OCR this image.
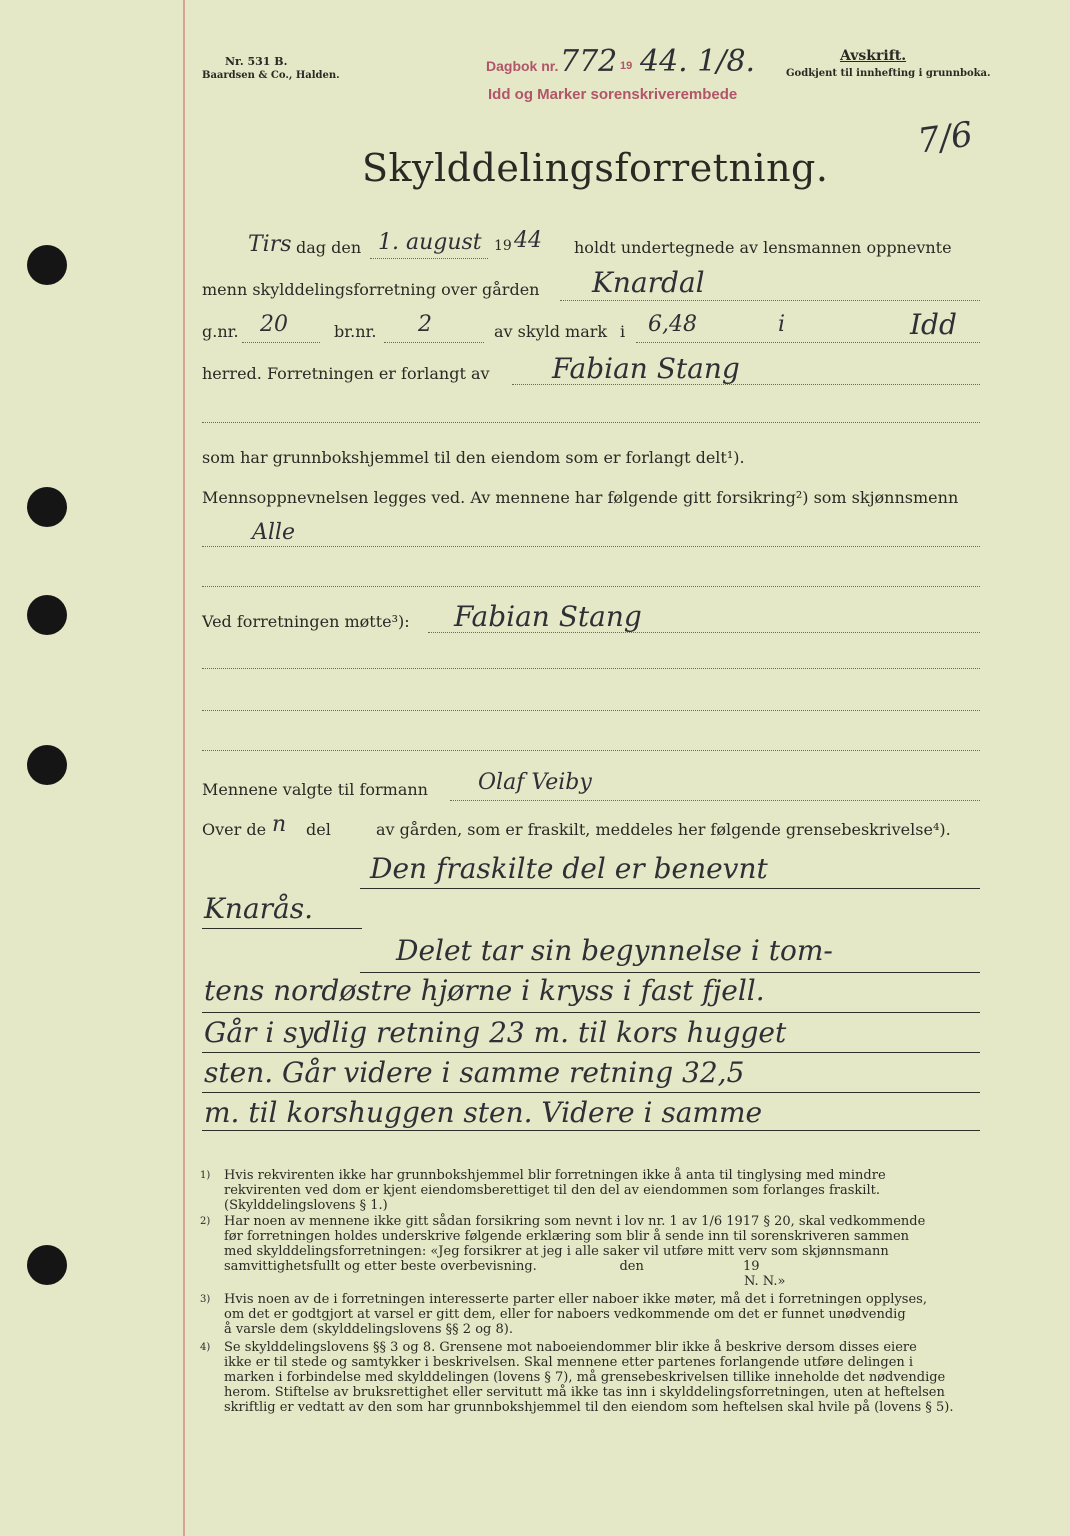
Nr. 531 B.
Baardsen & Co., Halden.
Dagbok nr. 772 19 44. 1/8.
Idd og Marker sorenskriverembede
Avskrift.
Godkjent til innhefting i grunnboka.
7/6
Skylddelingsforretning.
Tirs dag den 1. august 19 44 holdt undertegnede av lensmannen oppnevnte
menn skylddelingsforretning over gården Knardal
g.nr. 20	br.nr. 2	av skyld mark i 6,48	i	Idd
herred. Forretningen er forlangt av Fabian Stang
som har grunnbokshjemmel til den eiendom som er forlangt delt¹).
Mennsoppnevnelsen legges ved. Av mennene har følgende gitt forsikring²) som skjønnsmenn
Alle
Ved forretningen møtte³): Fabian Stang
Mennene valgte til formann Olaf Veiby
Over de n del	av gården, som er fraskilt, meddeles her følgende grensebeskrivelse⁴).
Den fraskilte del er benevnt
Knarås.
Delet tar sin begynnelse i tom-
tens nordøstre hjørne i kryss i fast fjell.
Går i sydlig retning 23 m. til kors hugget
sten. Går videre i samme retning 32,5
m. til korshuggen sten. Videre i samme
1) Hvis rekvirenten ikke har grunnbokshjemmel blir forretningen ikke å anta til tinglysing med mindre
rekvirenten ved dom er kjent eiendomsberettiget til den del av eiendommen som forlanges fraskilt.
(Skylddelingslovens § 1.)
2) Har noen av mennene ikke gitt sådan forsikring som nevnt i lov nr. 1 av 1/6 1917 § 20, skal vedkommende
før forretningen holdes underskrive følgende erklæring som blir å sende inn til sorenskriveren sammen
med skylddelingsforretningen: «Jeg forsikrer at jeg i alle saker vil utføre mitt verv som skjønnsmann
samvittighetsfullt og etter beste overbevisning.                    den                        19
N. N.»
3) Hvis noen av de i forretningen interesserte parter eller naboer ikke møter, må det i forretningen opplyses,
om det er godtgjort at varsel er gitt dem, eller for naboers vedkommende om det er funnet unødvendig
å varsle dem (skylddelingslovens §§ 2 og 8).
4) Se skylddelingslovens §§ 3 og 8. Grensene mot naboeiendommer blir ikke å beskrive dersom disses eiere
ikke er til stede og samtykker i beskrivelsen. Skal mennene etter partenes forlangende utføre delingen i
marken i forbindelse med skylddelingen (lovens § 7), må grensebeskrivelsen tillike inneholde det nødvendige
herom. Stiftelse av bruksrettighet eller servitutt må ikke tas inn i skylddelingsforretningen, uten at heftelsen
skriftlig er vedtatt av den som har grunnbokshjemmel til den eiendom som heftelsen skal hvile på (lovens § 5).
